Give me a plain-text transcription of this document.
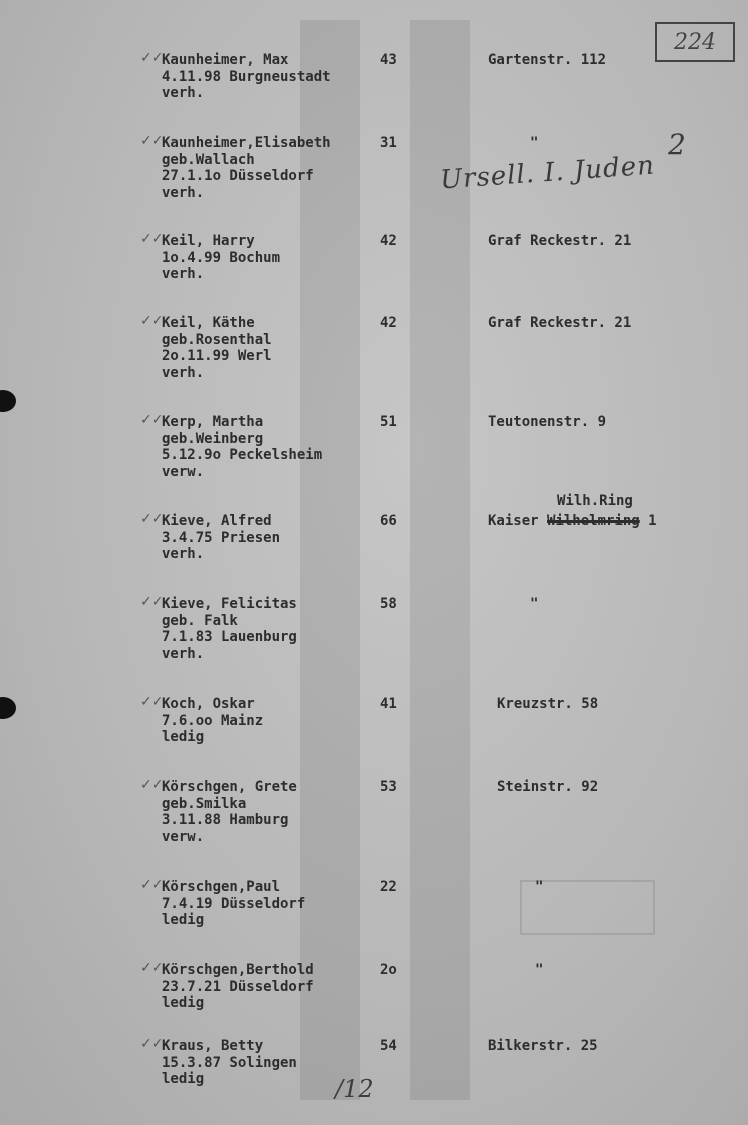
224
Ursell. I. Juden
2
✓✓
Kaunheimer, Max
4.11.98 Burgneustadt
verh.
43	Gartenstr. 112
✓✓
Kaunheimer,Elisabeth
geb.Wallach
27.1.1o Düsseldorf
verh.
31	"
✓✓
Keil, Harry
1o.4.99 Bochum
verh.
42	Graf Reckestr. 21
✓✓
Keil, Käthe
geb.Rosenthal
2o.11.99 Werl
verh.
42	Graf Reckestr. 21
✓✓
Kerp, Martha
geb.Weinberg
5.12.9o Peckelsheim
verw.
51	Teutonenstr. 9
✓✓
Kieve, Alfred
3.4.75 Priesen
verh.
66
Wilh.Ring
Kaiser Wilhelmring 1
✓✓
Kieve, Felicitas
geb. Falk
7.1.83 Lauenburg
verh.
58	"
✓✓
Koch, Oskar
7.6.oo Mainz
ledig
41	Kreuzstr. 58
✓✓
Körschgen, Grete
geb.Smilka
3.11.88 Hamburg
verw.
53	Steinstr. 92
✓✓
Körschgen,Paul
7.4.19 Düsseldorf
ledig
22	"
✓✓
Körschgen,Berthold
23.7.21 Düsseldorf
ledig
2o	"
✓✓
Kraus, Betty
15.3.87 Solingen
ledig
54	Bilkerstr. 25
/12
